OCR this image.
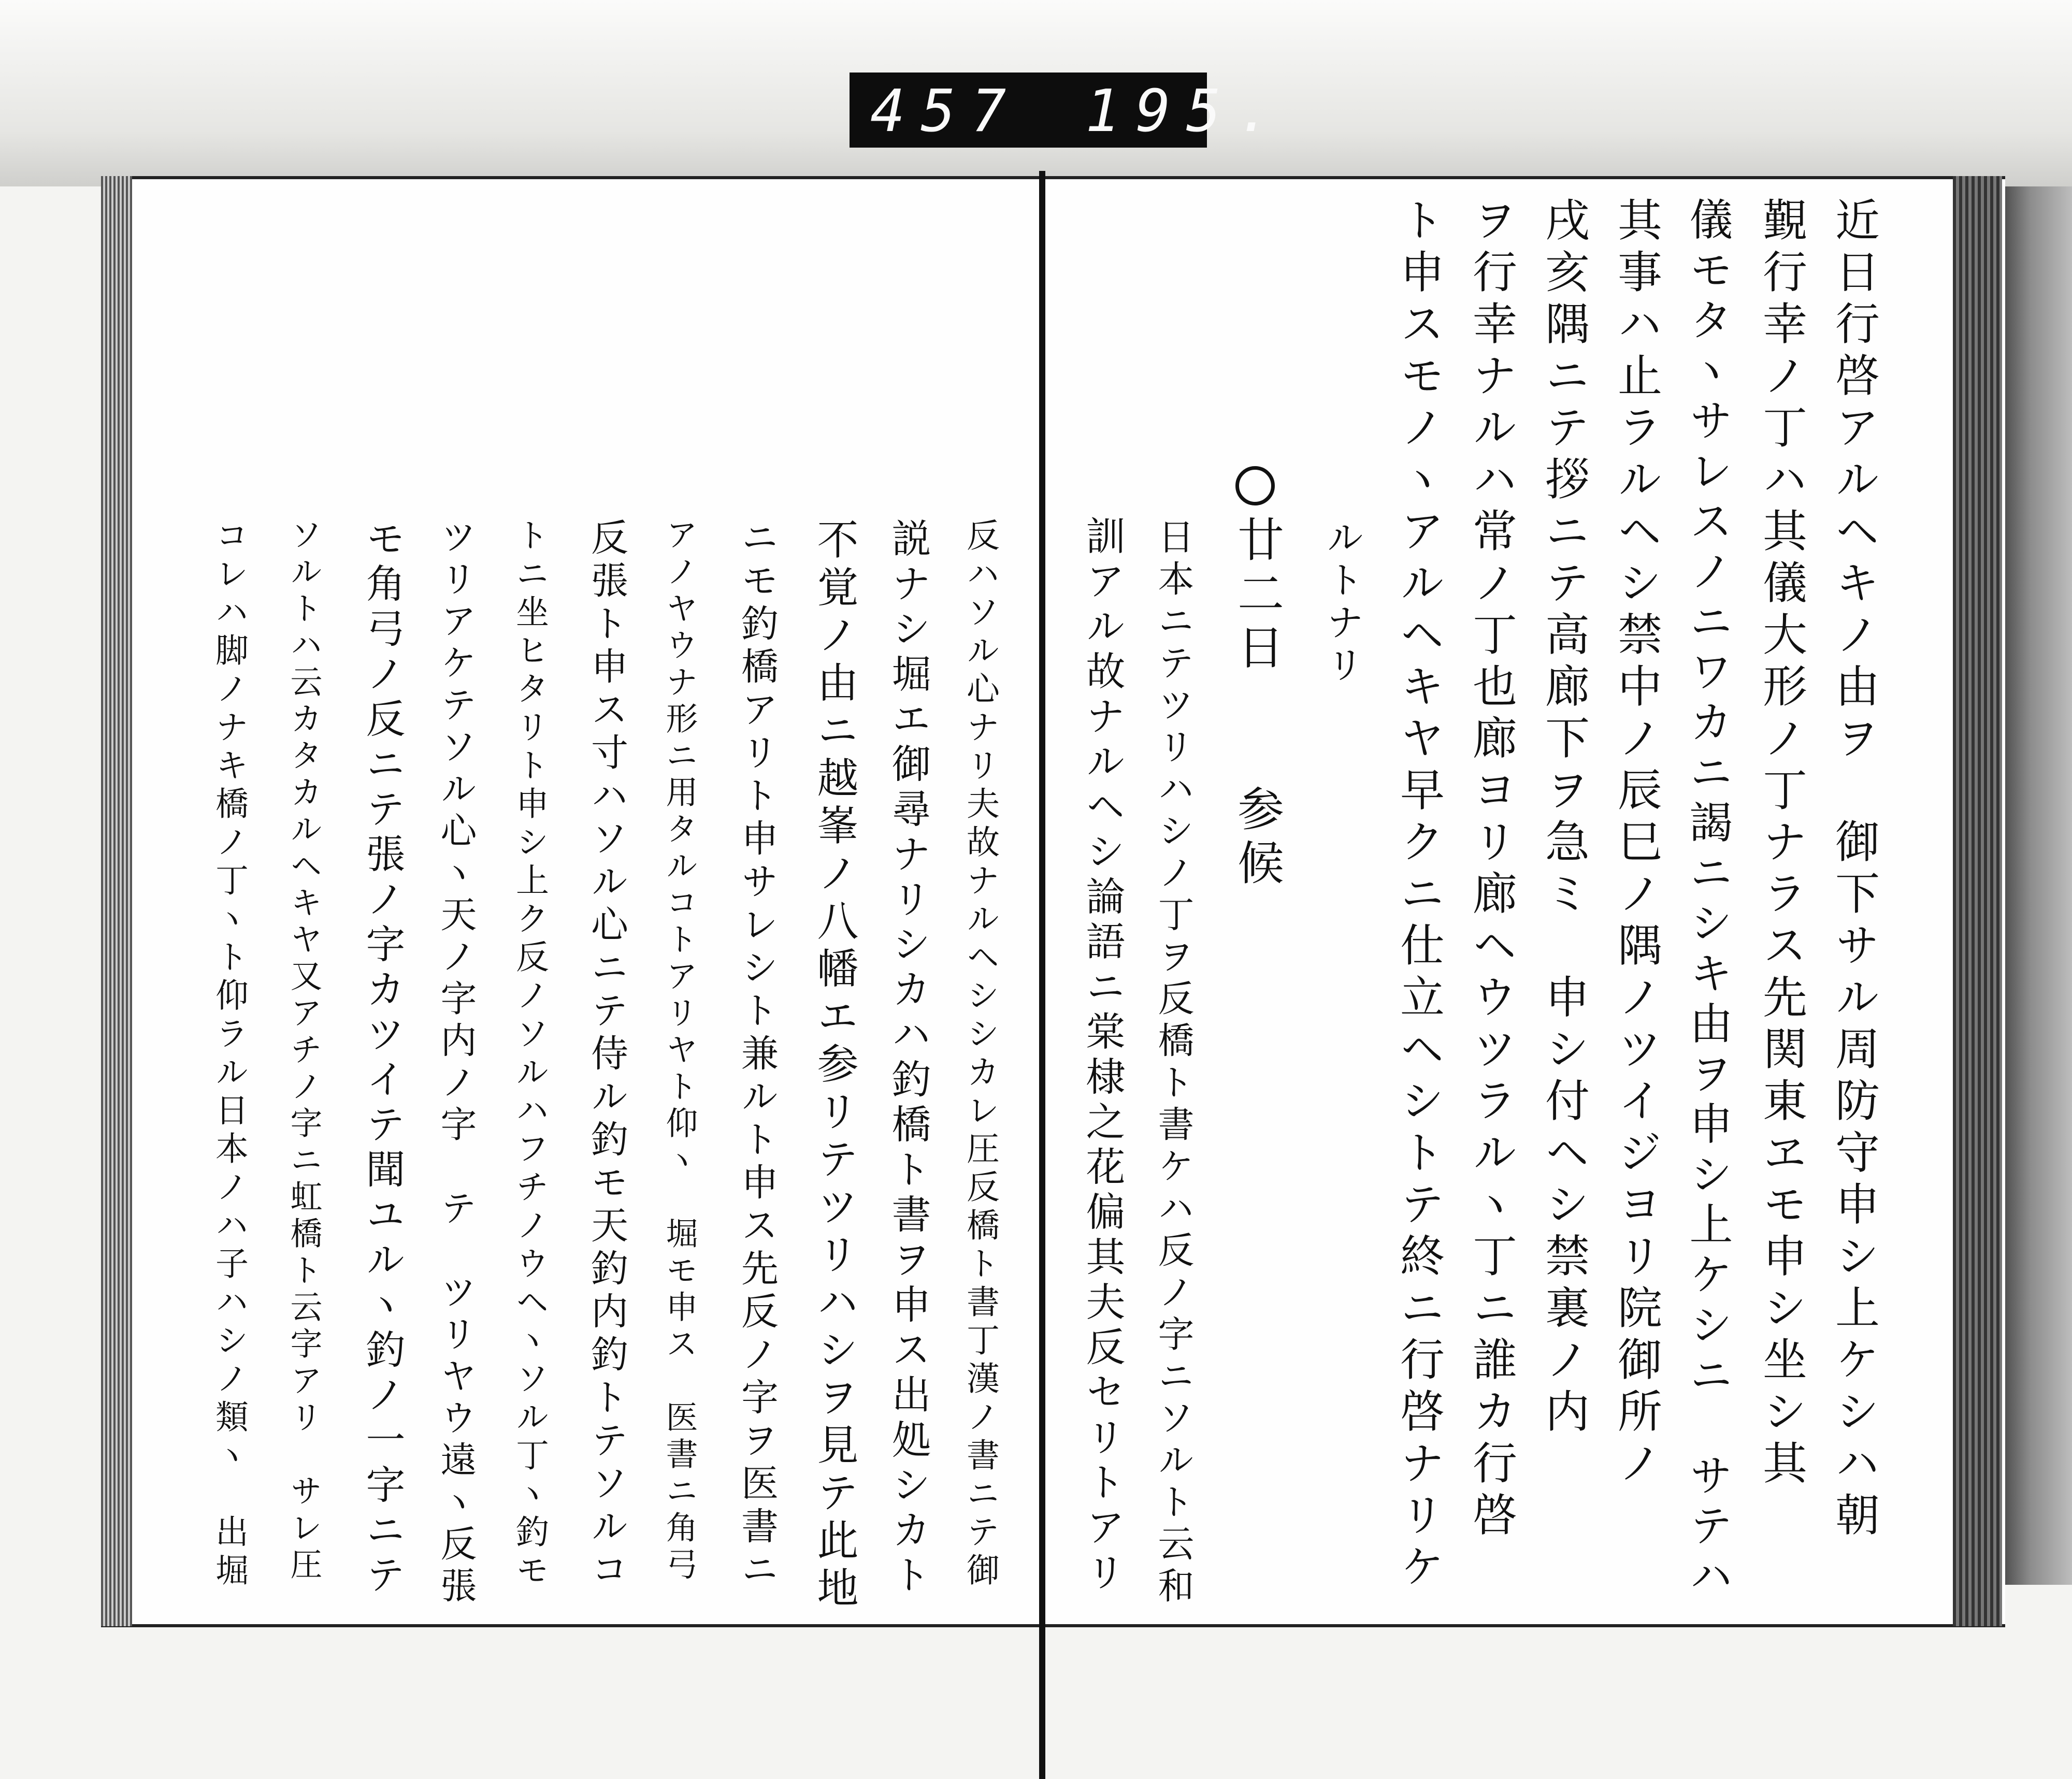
457 195.
近日行啓アルヘキノ由ヲ　御下サル周防守申シ上ケシハ朝
覲行幸ノ丁ハ其儀大形ノ丁ナラス先関東ヱモ申シ坐シ其
儀モタヽサレスノニワカニ謁ニシキ由ヲ申シ上ケシニ　サテハ
其事ハ止ラルヘシ禁中ノ辰巳ノ隅ノツイジヨリ院御所ノ
戌亥隅ニテ拶ニテ高廊下ヲ急ミ　申シ付ヘシ禁裏ノ内
ヲ行幸ナルハ常ノ丁也廊ヨリ廊ヘウツラルヽ丁ニ誰カ行啓
ト申スモノヽアルヘキヤ早クニ仕立ヘシトテ終ニ行啓ナリケ
ルトナリ
廿二日　　参候
日本ニテツリハシノ丁ヲ反橋ト書ケハ反ノ字ニソルト云和
訓アル故ナルヘシ論語ニ棠棣之花偏其夫反セリトアリ
反ハソル心ナリ夫故ナルヘシシカレ圧反橋ト書丁漢ノ書ニテ御
説ナシ堀エ御尋ナリシカハ釣橋ト書ヲ申ス出処シカト
不覚ノ由ニ越峯ノ八幡エ参リテツリハシヲ見テ此地
ニモ釣橋アリト申サレシト兼ルト申ス先反ノ字ヲ医書ニ
アノヤウナ形ニ用タルコトアリヤト仰ヽ　堀モ申ス　医書ニ角弓
反張ト申ス寸ハソル心ニテ侍ル釣モ天釣内釣トテソルコ
トニ坐ヒタリト申シ上ク反ノソルハフチノウヘヽソル丁ヽ釣モ
ツリアケテソル心ヽ天ノ字内ノ字　テ　ツリヤウ遠ヽ反張
モ角弓ノ反ニテ張ノ字カツイテ聞ユルヽ釣ノ一字ニテ
ソルトハ云カタカルヘキヤ又アチノ字ニ虹橋ト云字アリ　サレ圧
コレハ脚ノナキ橋ノ丁ヽト仰ラル日本ノハ子ハシノ類ヽ　出堀
